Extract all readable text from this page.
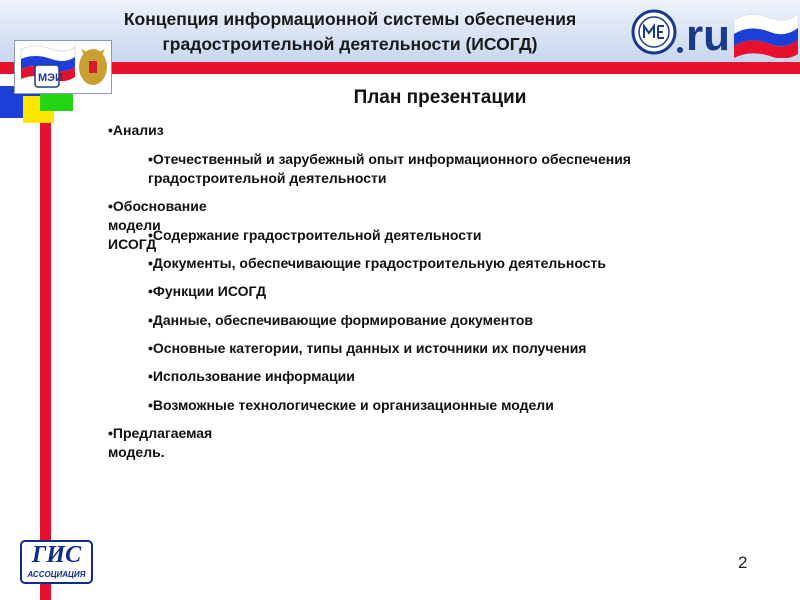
Концепция информационной системы обеспечения
градостроительной деятельности (ИСОГД)	ru
МЭИ
План презентации
•Анализ
•Отечественный и зарубежный опыт информационного обеспечения
градостроительной деятельности
•Обоснование модели ИСОГД
•Содержание градостроительной деятельности
•Документы, обеспечивающие градостроительную деятельность
•Функции ИСОГД
•Данные, обеспечивающие формирование документов
•Основные категории, типы данных и источники их получения
•Использование информации
•Возможные технологические и организационные модели
•Предлагаемая модель.
ГИС
АССОЦИАЦИЯ
2
